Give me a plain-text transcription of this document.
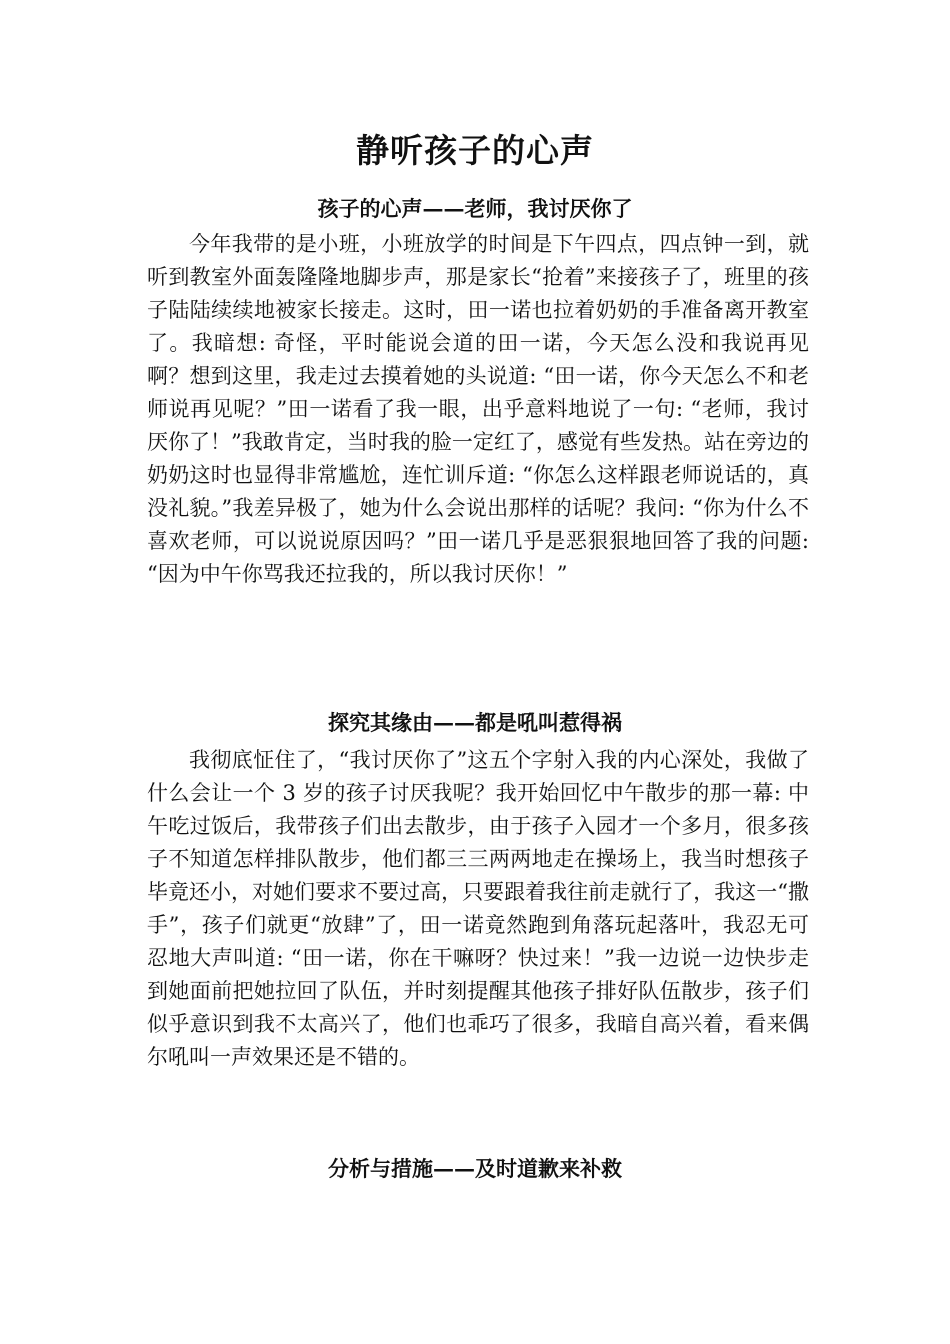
静听孩子的心声
孩子的心声——老师，我讨厌你了

今年我带的是小班，小班放学的时间是下午四点，四点钟一到，就听到教室外面轰隆隆地脚步声，那是家长“抢着”来接孩子了，班里的孩子陆陆续续地被家长接走。这时，田一诺也拉着奶奶的手准备离开教室了。我暗想: 奇怪，平时能说会道的田一诺，今天怎么没和我说再见啊？想到这里，我走过去摸着她的头说道: “田一诺，你今天怎么不和老师说再见呢？”田一诺看了我一眼，出乎意料地说了一句: “老师，我讨厌你了！”我敢肯定，当时我的脸一定红了，感觉有些发热。站在旁边的奶奶这时也显得非常尴尬，连忙训斥道: “你怎么这样跟老师说话的，真没礼貌。”我差异极了，她为什么会说出那样的话呢？我问: “你为什么不喜欢老师，可以说说原因吗？”田一诺几乎是恶狠狠地回答了我的问题: “因为中午你骂我还拉我的，所以我讨厌你！”

探究其缘由——都是吼叫惹得祸

我彻底怔住了，“我讨厌你了”这五个字射入我的内心深处，我做了什么会让一个 3 岁的孩子讨厌我呢？我开始回忆中午散步的那一幕: 中午吃过饭后，我带孩子们出去散步，由于孩子入园才一个多月，很多孩子不知道怎样排队散步，他们都三三两两地走在操场上，我当时想孩子毕竟还小，对她们要求不要过高，只要跟着我往前走就行了，我这一“撒手”，孩子们就更“放肆”了，田一诺竟然跑到角落玩起落叶，我忍无可忍地大声叫道: “田一诺，你在干嘛呀？快过来！”我一边说一边快步走到她面前把她拉回了队伍，并时刻提醒其他孩子排好队伍散步，孩子们似乎意识到我不太高兴了，他们也乖巧了很多，我暗自高兴着，看来偶尔吼叫一声效果还是不错的。

分析与措施——及时道歉来补救
